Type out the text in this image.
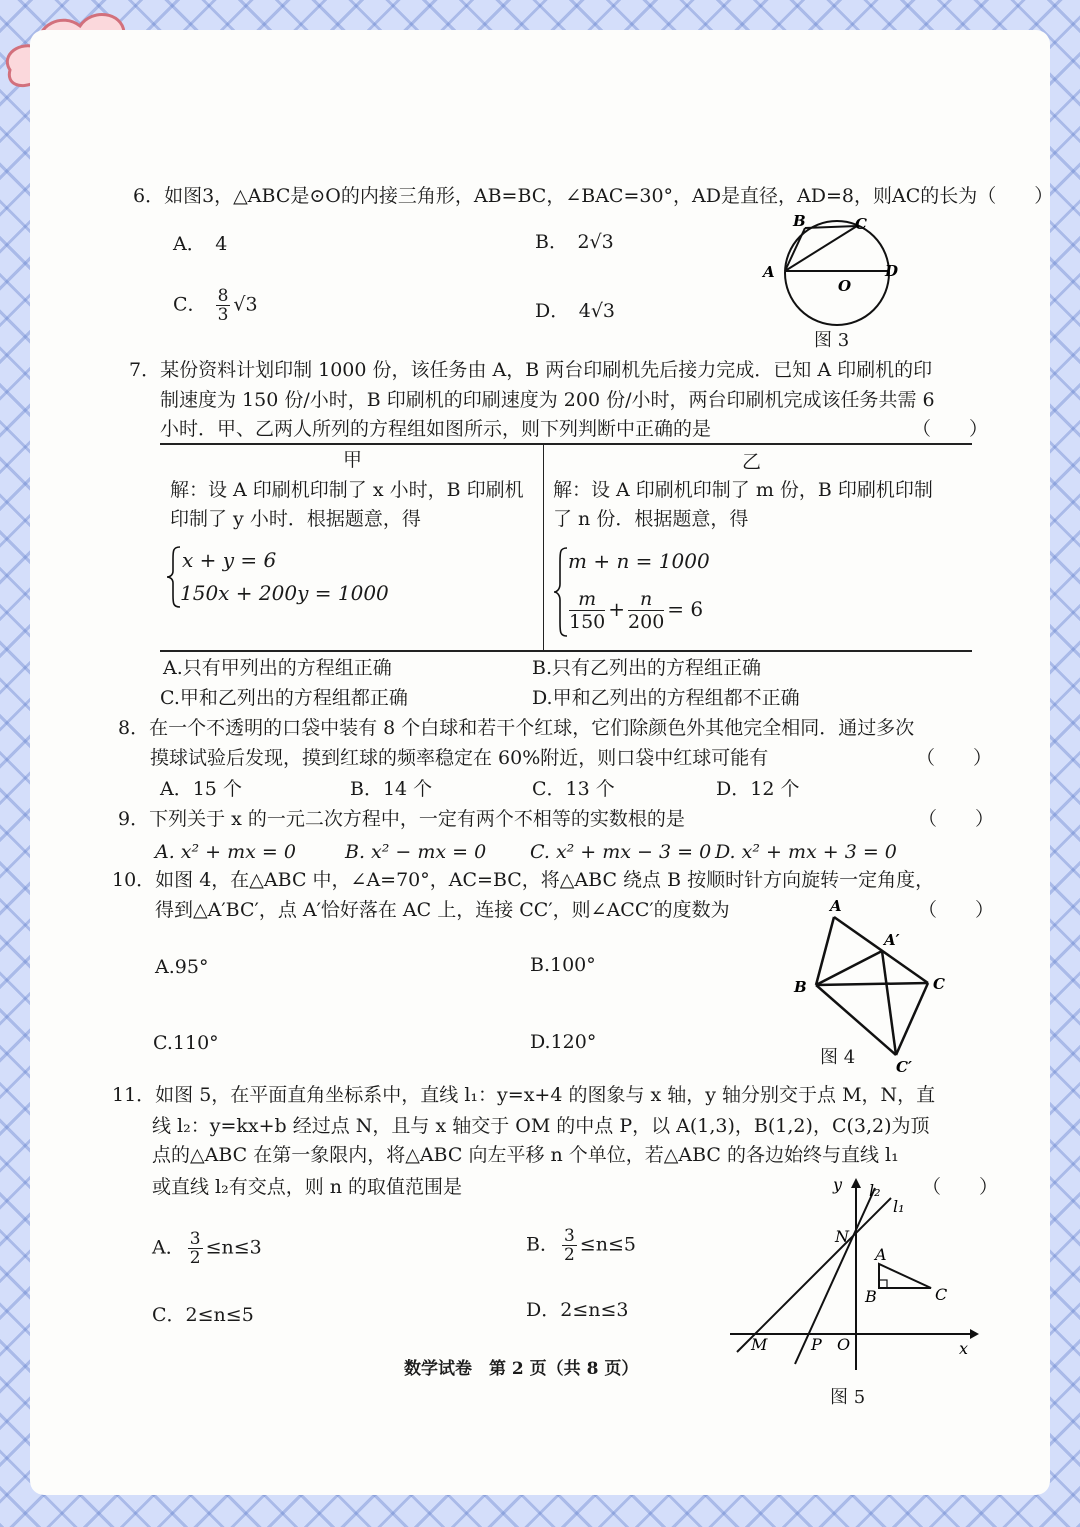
6．如图3，△ABC是⊙O的内接三角形，AB=BC，∠BAC=30°，AD是直径，AD=8，则AC的长为（　　）
A．　4	B．　2√3
C． $\frac{8}{3} √3$	D．　4√3
B	C
A
O
D
图 3
7．某份资料计划印制 1000 份，该任务由 A，B 两台印刷机先后接力完成．已知 A 印刷机的印
制速度为 150 份/小时，B 印刷机的印刷速度为 200 份/小时，两台印刷机完成该任务共需 6
小时．甲、乙两人所列的方程组如图所示，则下列判断中正确的是	（　　）
甲	乙
解：设 A 印刷机印制了 x 小时，B 印刷机
印制了 y 小时．根据题意，得
x + y = 6
150x + 200y = 1000
解：设 A 印刷机印制了 m 份，B 印刷机印制
了 n 份．根据题意，得
m + n = 1000
$\frac{m}{150} + \frac{n}{200} = 6$
A.只有甲列出的方程组正确	B.只有乙列出的方程组正确
C.甲和乙列出的方程组都正确	D.甲和乙列出的方程组都不正确
8．在一个不透明的口袋中装有 8 个白球和若干个红球，它们除颜色外其他完全相同．通过多次
摸球试验后发现，摸到红球的频率稳定在 60%附近，则口袋中红球可能有	（　　）
A．15 个	B．14 个	C．13 个	D．12 个
9．下列关于 x 的一元二次方程中，一定有两个不相等的实数根的是	（　　）
A. x² + mx = 0	B. x² − mx = 0 C. x² + mx − 3 = 0 D. x² + mx + 3 = 0
10．如图 4，在△ABC 中，∠A=70°，AC=BC，将△ABC 绕点 B 按顺时针方向旋转一定角度，
得到△A′BC′，点 A′恰好落在 AC 上，连接 CC′，则∠ACC′的度数为	（　　）
A.95°	B.100°
C.110°	D.120°
A
A′
B	C
C′
图 4
11．如图 5，在平面直角坐标系中，直线 l₁：y=x+4 的图象与 x 轴，y 轴分别交于点 M，N，直
线 l₂：y=kx+b 经过点 N，且与 x 轴交于 OM 的中点 P，以 A(1,3)，B(1,2)，C(3,2)为顶
点的△ABC 在第一象限内，将△ABC 向左平移 n 个单位，若△ABC 的各边始终与直线 l₁
或直线 l₂有交点，则 n 的取值范围是	（　　）
A． $\frac{3}{2} \le n\le 3$	B． $\frac{3}{2} \le n\le 5$
C．2≤n≤5	D．2≤n≤3
y l₂
l₁
N
A
B	C
M	P O	x
图 5
数学试卷　第 2 页（共 8 页）
